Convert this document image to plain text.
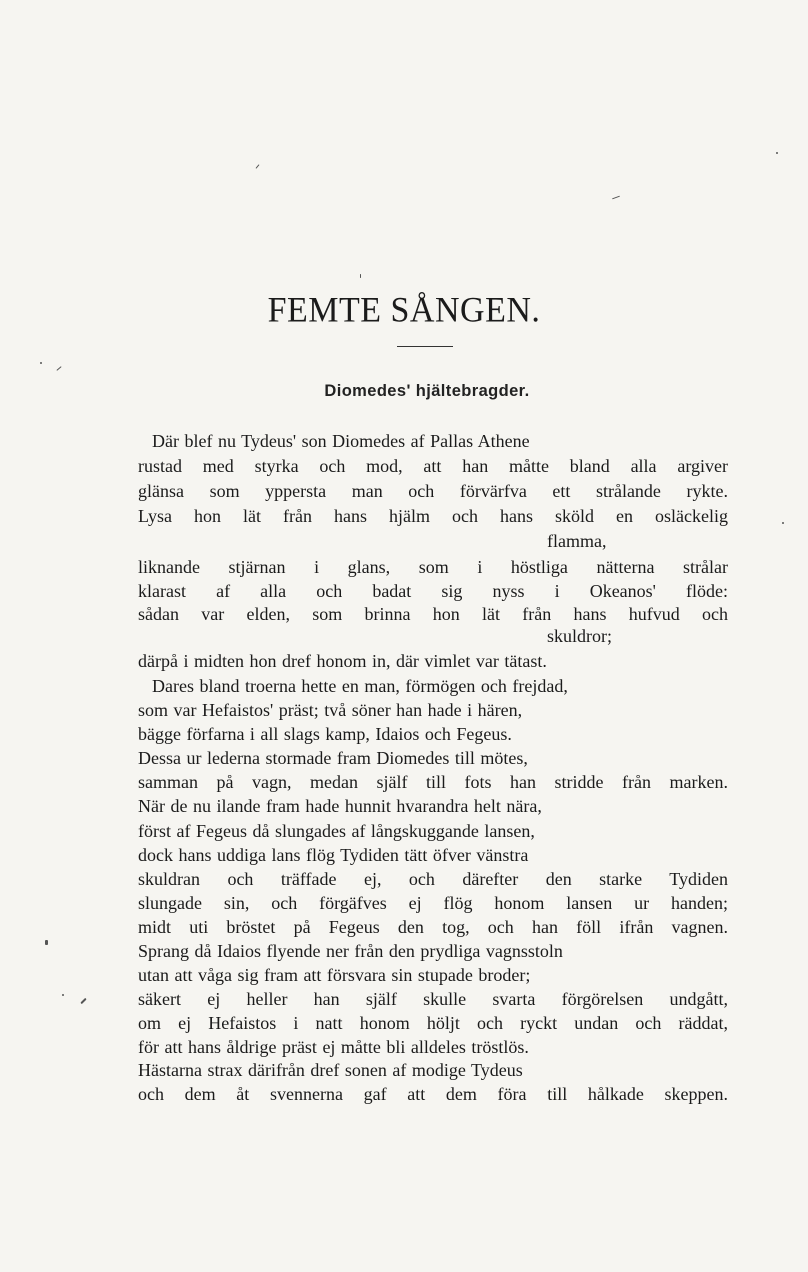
FEMTE SÅNGEN.
Diomedes' hjältebragder.
Där blef nu Tydeus' son Diomedes af Pallas Athene
rustad med styrka och mod, att han måtte bland alla argiver
glänsa som yppersta man och förvärfva ett strålande rykte.
Lysa hon lät från hans hjälm och hans sköld en osläckelig
flamma,
liknande stjärnan i glans, som i höstliga nätterna strålar
klarast af alla och badat sig nyss i Okeanos' flöde:
sådan var elden, som brinna hon lät från hans hufvud och
skuldror;
därpå i midten hon dref honom in, där vimlet var tätast.
Dares bland troerna hette en man, förmögen och frejdad,
som var Hefaistos' präst; två söner han hade i hären,
bägge förfarna i all slags kamp, Idaios och Fegeus.
Dessa ur lederna stormade fram Diomedes till mötes,
samman på vagn, medan själf till fots han stridde från marken.
När de nu ilande fram hade hunnit hvarandra helt nära,
först af Fegeus då slungades af långskuggande lansen,
dock hans uddiga lans flög Tydiden tätt öfver vänstra
skuldran och träffade ej, och därefter den starke Tydiden
slungade sin, och förgäfves ej flög honom lansen ur handen;
midt uti bröstet på Fegeus den tog, och han föll ifrån vagnen.
Sprang då Idaios flyende ner från den prydliga vagnsstoln
utan att våga sig fram att försvara sin stupade broder;
säkert ej heller han själf skulle svarta förgörelsen undgått,
om ej Hefaistos i natt honom höljt och ryckt undan och räddat,
för att hans åldrige präst ej måtte bli alldeles tröstlös.
Hästarna strax därifrån dref sonen af modige Tydeus
och dem åt svennerna gaf att dem föra till hålkade skeppen.
